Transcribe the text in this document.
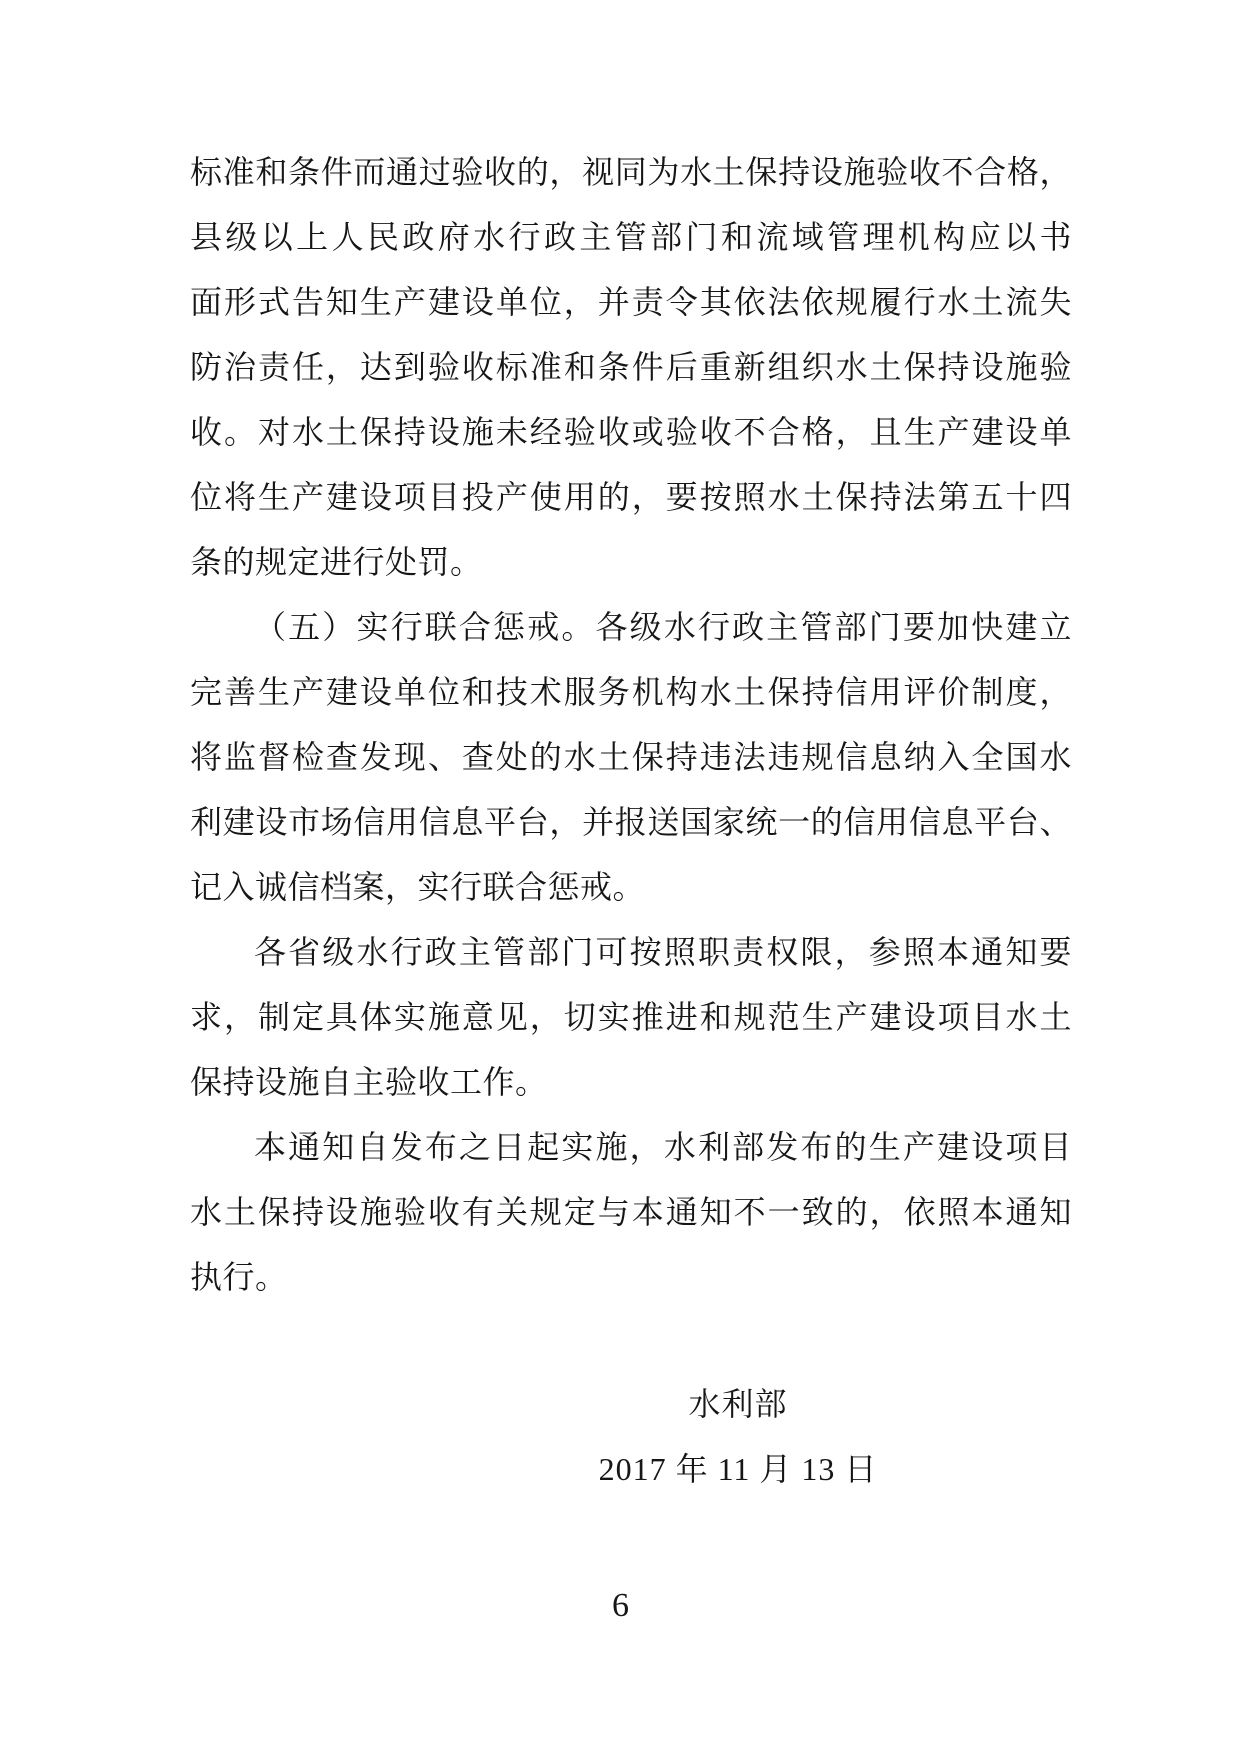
标准和条件而通过验收的，视同为水土保持设施验收不合格，
县级以上人民政府水行政主管部门和流域管理机构应以书
面形式告知生产建设单位，并责令其依法依规履行水土流失
防治责任，达到验收标准和条件后重新组织水土保持设施验
收。对水土保持设施未经验收或验收不合格，且生产建设单
位将生产建设项目投产使用的，要按照水土保持法第五十四
条的规定进行处罚。
（五）实行联合惩戒。各级水行政主管部门要加快建立
完善生产建设单位和技术服务机构水土保持信用评价制度，
将监督检查发现、查处的水土保持违法违规信息纳入全国水
利建设市场信用信息平台，并报送国家统一的信用信息平台、
记入诚信档案，实行联合惩戒。
各省级水行政主管部门可按照职责权限，参照本通知要
求，制定具体实施意见，切实推进和规范生产建设项目水土
保持设施自主验收工作。
本通知自发布之日起实施，水利部发布的生产建设项目
水土保持设施验收有关规定与本通知不一致的，依照本通知
执行。
水利部
2017 年 11 月 13 日
6
